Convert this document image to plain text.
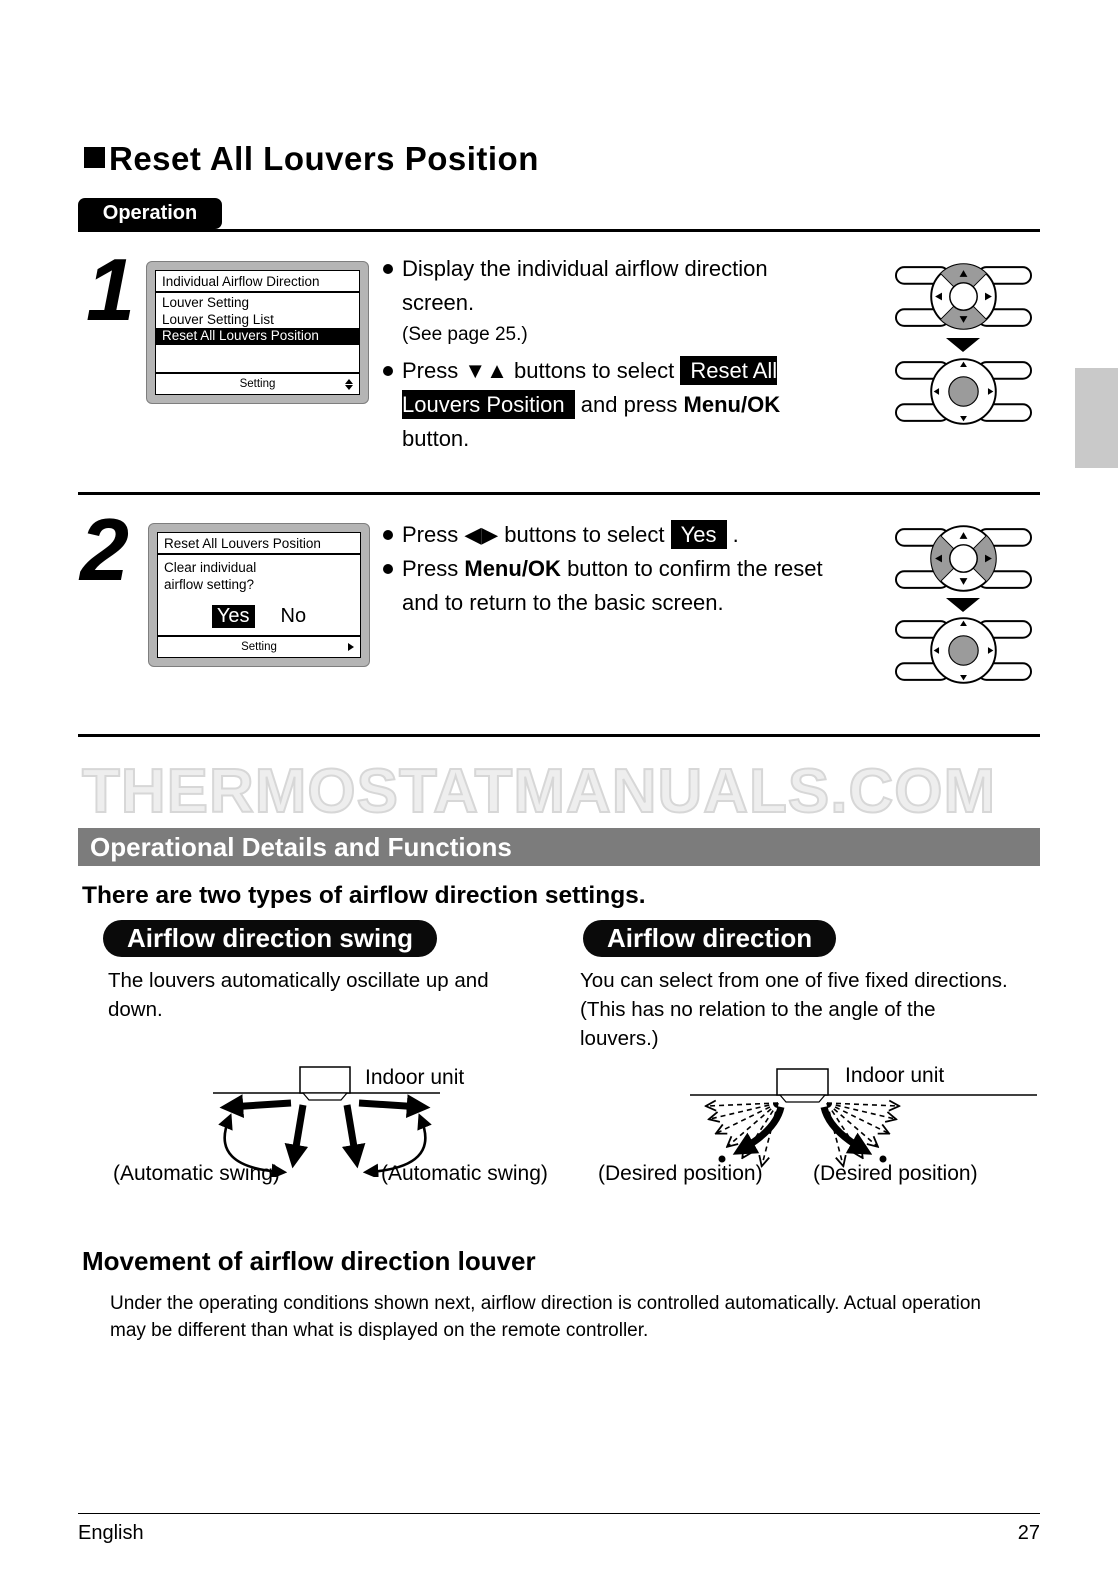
Reset All Louvers Position
Operation
1	Individual Airflow Direction
Louver Setting
Louver Setting List
Reset All Louvers Position
Setting
Display the individual airflow direction screen.
(See page 25.)
Press ▼▲ buttons to select Reset All Louvers Position and press Menu/OK button.
2	Reset All Louvers Position
Clear individual
airflow setting?
Yes No
Setting
Press ◀▶ buttons to select Yes .
Press Menu/OK button to confirm the reset and to return to the basic screen.
THERMOSTATMANUALS.COM
Operational Details and Functions
There are two types of airflow direction settings.
Airflow direction swing	Airflow direction
The louvers automatically oscillate up and down.
You can select from one of five fixed directions. (This has no relation to the angle of the louvers.)
Indoor unit	Indoor unit
(Automatic swing)	(Automatic swing) (Desired position) (Desired position)
Movement of airflow direction louver
Under the operating conditions shown next, airflow direction is controlled automatically. Actual operation may be different than what is displayed on the remote controller.
English	27
